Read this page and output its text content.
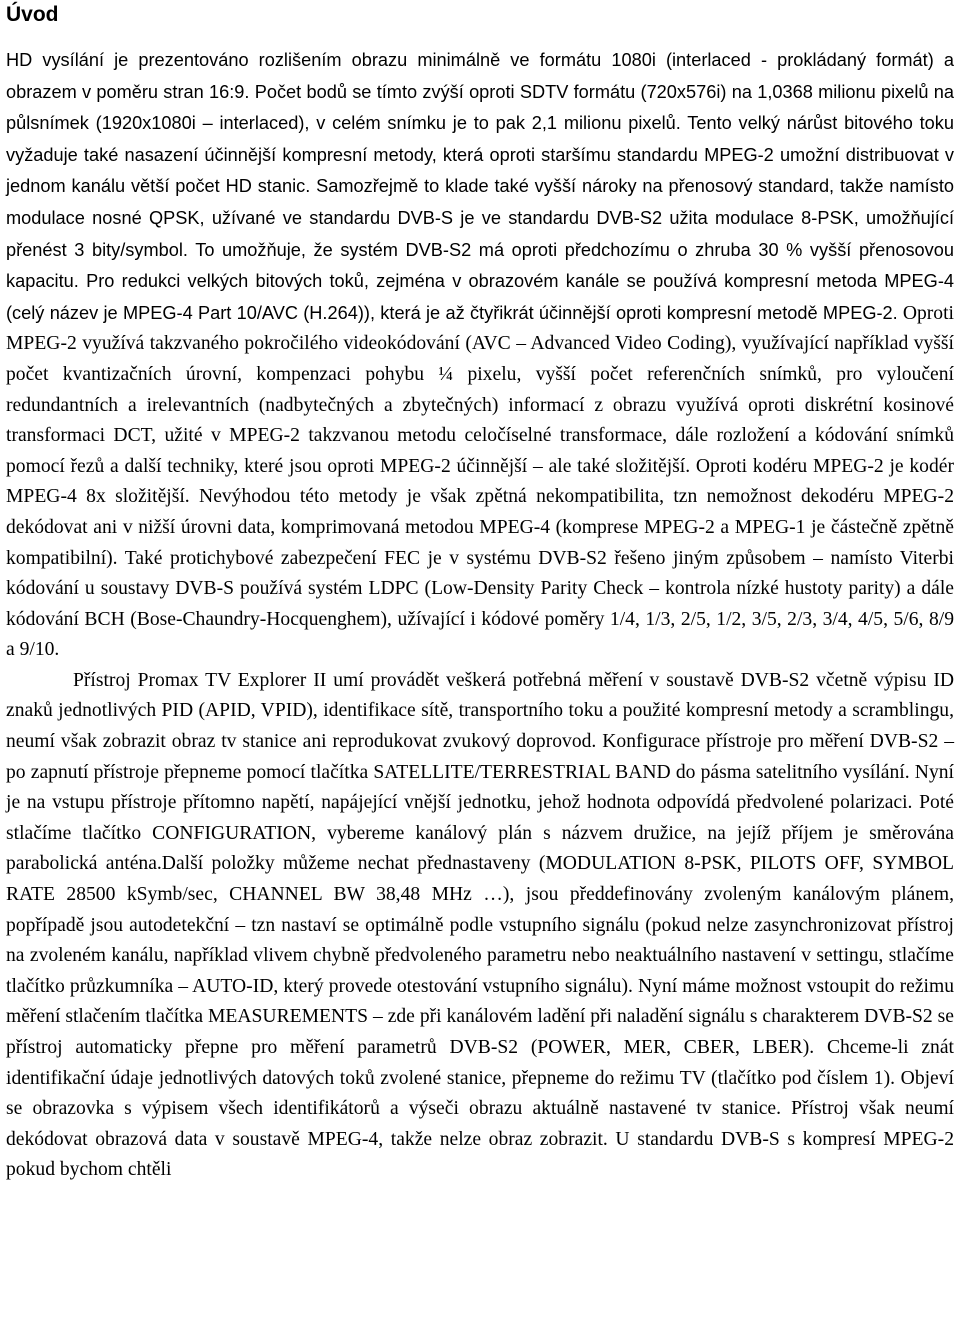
Úvod

HD vysílání je prezentováno rozlišením obrazu minimálně ve formátu 1080i (interlaced - prokládaný formát) a obrazem v poměru stran 16:9. Počet bodů se tímto zvýší oproti SDTV formátu (720x576i) na 1,0368 milionu pixelů na půlsnímek (1920x1080i – interlaced), v celém snímku je to pak 2,1 milionu pixelů. Tento velký nárůst bitového toku vyžaduje také nasazení účinnější kompresní metody, která oproti staršímu standardu MPEG-2 umožní distribuovat v jednom kanálu větší počet HD stanic. Samozřejmě to klade také vyšší nároky na přenosový standard, takže namísto modulace nosné QPSK, užívané ve standardu DVB-S je ve standardu DVB-S2 užita modulace 8-PSK, umožňující přenést 3 bity/symbol. To umožňuje, že systém DVB-S2 má oproti předchozímu o zhruba 30 % vyšší přenosovou kapacitu. Pro redukci velkých bitových toků, zejména v obrazovém kanále se používá kompresní metoda MPEG-4 (celý název je MPEG-4 Part 10/AVC (H.264)), která je až čtyřikrát účinnější oproti kompresní metodě MPEG-2. Oproti MPEG-2 využívá takzvaného pokročilého videokódování (AVC – Advanced Video Coding), využívající například vyšší počet kvantizačních úrovní, kompenzaci pohybu ¼ pixelu, vyšší počet referenčních snímků, pro vyloučení redundantních a irelevantních (nadbytečných a zbytečných) informací z obrazu využívá oproti diskrétní kosinové transformaci DCT, užité v MPEG-2 takzvanou metodu celočíselné transformace, dále rozložení a kódování snímků pomocí řezů a další techniky, které jsou oproti MPEG-2 účinnější – ale také složitější. Oproti kodéru MPEG-2 je kodér MPEG-4 8x složitější. Nevýhodou této metody je však zpětná nekompatibilita, tzn nemožnost dekodéru MPEG-2 dekódovat ani v nižší úrovni data, komprimovaná metodou MPEG-4 (komprese MPEG-2 a MPEG-1 je částečně zpětně kompatibilní). Také protichybové zabezpečení FEC je v systému DVB-S2 řešeno jiným způsobem – namísto Viterbi kódování u soustavy DVB-S používá systém LDPC (Low-Density Parity Check – kontrola nízké hustoty parity) a dále kódování BCH (Bose-Chaundry-Hocquenghem), užívající i kódové poměry 1/4, 1/3, 2/5, 1/2, 3/5, 2/3, 3/4, 4/5, 5/6, 8/9 a 9/10.

Přístroj Promax TV Explorer II umí provádět veškerá potřebná měření v soustavě DVB-S2 včetně výpisu ID znaků jednotlivých PID (APID, VPID), identifikace sítě, transportního toku a použité kompresní metody a scramblingu, neumí však zobrazit obraz tv stanice ani reprodukovat zvukový doprovod. Konfigurace přístroje pro měření DVB-S2 – po zapnutí přístroje přepneme pomocí tlačítka SATELLITE/TERRESTRIAL BAND do pásma satelitního vysílání. Nyní je na vstupu přístroje přítomno napětí, napájející vnější jednotku, jehož hodnota odpovídá předvolené polarizaci. Poté stlačíme tlačítko CONFIGURATION, vybereme kanálový plán s názvem družice, na jejíž příjem je směrována parabolická anténa.Další položky můžeme nechat přednastaveny (MODULATION 8-PSK, PILOTS OFF, SYMBOL RATE 28500 kSymb/sec, CHANNEL BW 38,48 MHz …), jsou předdefinovány zvoleným kanálovým plánem, popřípadě jsou autodetekční – tzn nastaví se optimálně podle vstupního signálu (pokud nelze zasynchronizovat přístroj na zvoleném kanálu, například vlivem chybně předvoleného parametru nebo neaktuálního nastavení v settingu, stlačíme tlačítko průzkumníka – AUTO-ID, který provede otestování vstupního signálu). Nyní máme možnost vstoupit do režimu měření stlačením tlačítka MEASUREMENTS – zde při kanálovém ladění při naladění signálu s charakterem DVB-S2 se přístroj automaticky přepne pro měření parametrů DVB-S2 (POWER, MER, CBER, LBER). Chceme-li znát identifikační údaje jednotlivých datových toků zvolené stanice, přepneme do režimu TV (tlačítko pod číslem 1). Objeví se obrazovka s výpisem všech identifikátorů a výseči obrazu aktuálně nastavené tv stanice. Přístroj však neumí dekódovat obrazová data v soustavě MPEG-4, takže nelze obraz zobrazit. U standardu DVB-S s kompresí MPEG-2 pokud bychom chtěli
